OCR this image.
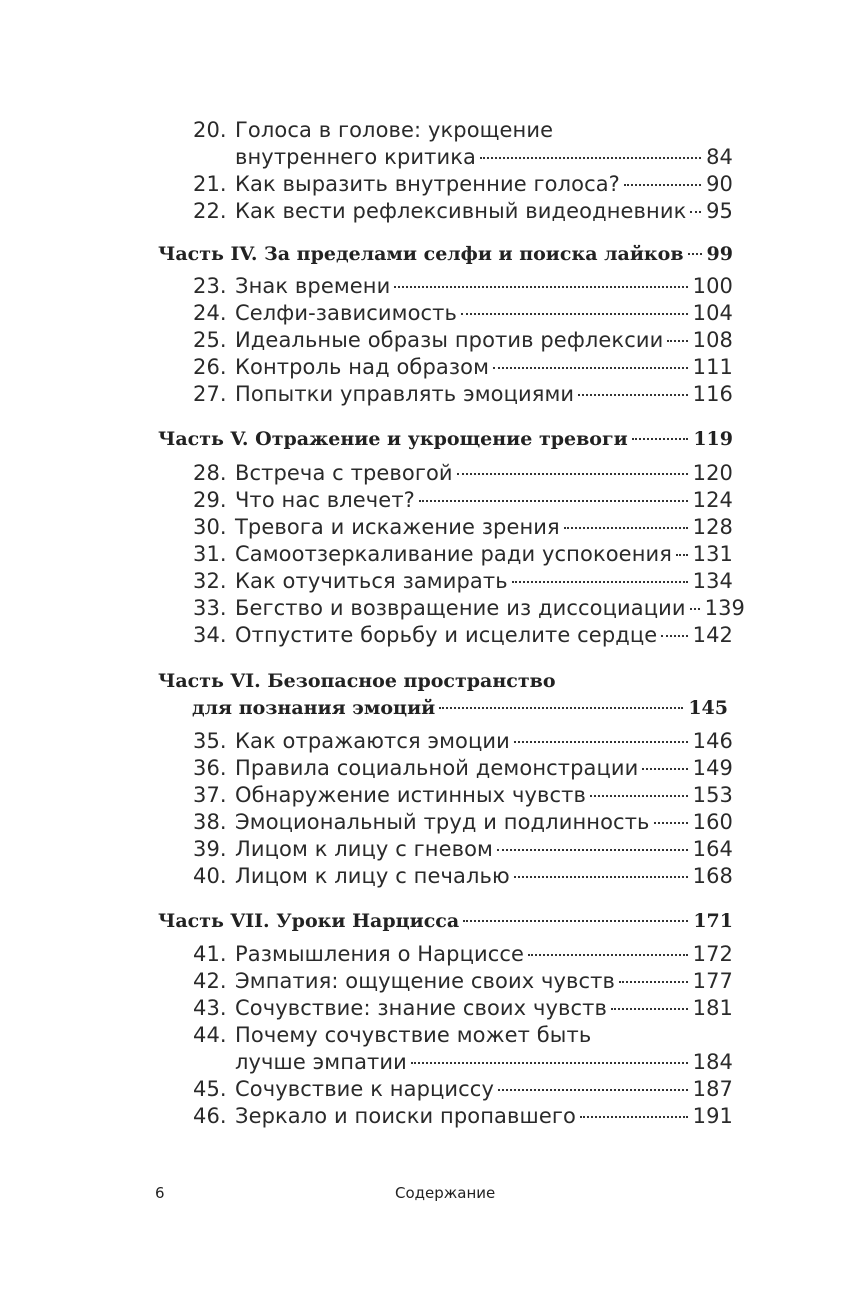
20. Голоса в голове: укрощение
внутреннего критика	84
21. Как выразить внутренние голоса?	90
22. Как вести рефлексивный видеодневник 95
Часть IV. За пределами селфи и поиска лайков 99
23. Знак времени	100
24. Селфи-зависимость	104
25. Идеальные образы против рефлексии 108
26. Контроль над образом	111
27. Попытки управлять эмоциями	116
Часть V. Отражение и укрощение тревоги	119
28. Встреча с тревогой	120
29. Что нас влечет?	124
30. Тревога и искажение зрения	128
31. Самоотзеркаливание ради успокоения 131
32. Как отучиться замирать	134
33. Бегство и возвращение из диссоциации 139
34. Отпустите борьбу и исцелите сердце 142
Часть VI. Безопасное пространство
для познания эмоций	145
35. Как отражаются эмоции	146
36. Правила социальной демонстрации	149
37. Обнаружение истинных чувств	153
38. Эмоциональный труд и подлинность 160
39. Лицом к лицу с гневом	164
40. Лицом к лицу с печалью	168
Часть VII. Уроки Нарцисса	171
41. Размышления о Нарциссе	172
42. Эмпатия: ощущение своих чувств	177
43. Сочувствие: знание своих чувств	181
44. Почему сочувствие может быть
лучше эмпатии	184
45. Сочувствие к нарциссу	187
46. Зеркало и поиски пропавшего	191
6	Содержание
